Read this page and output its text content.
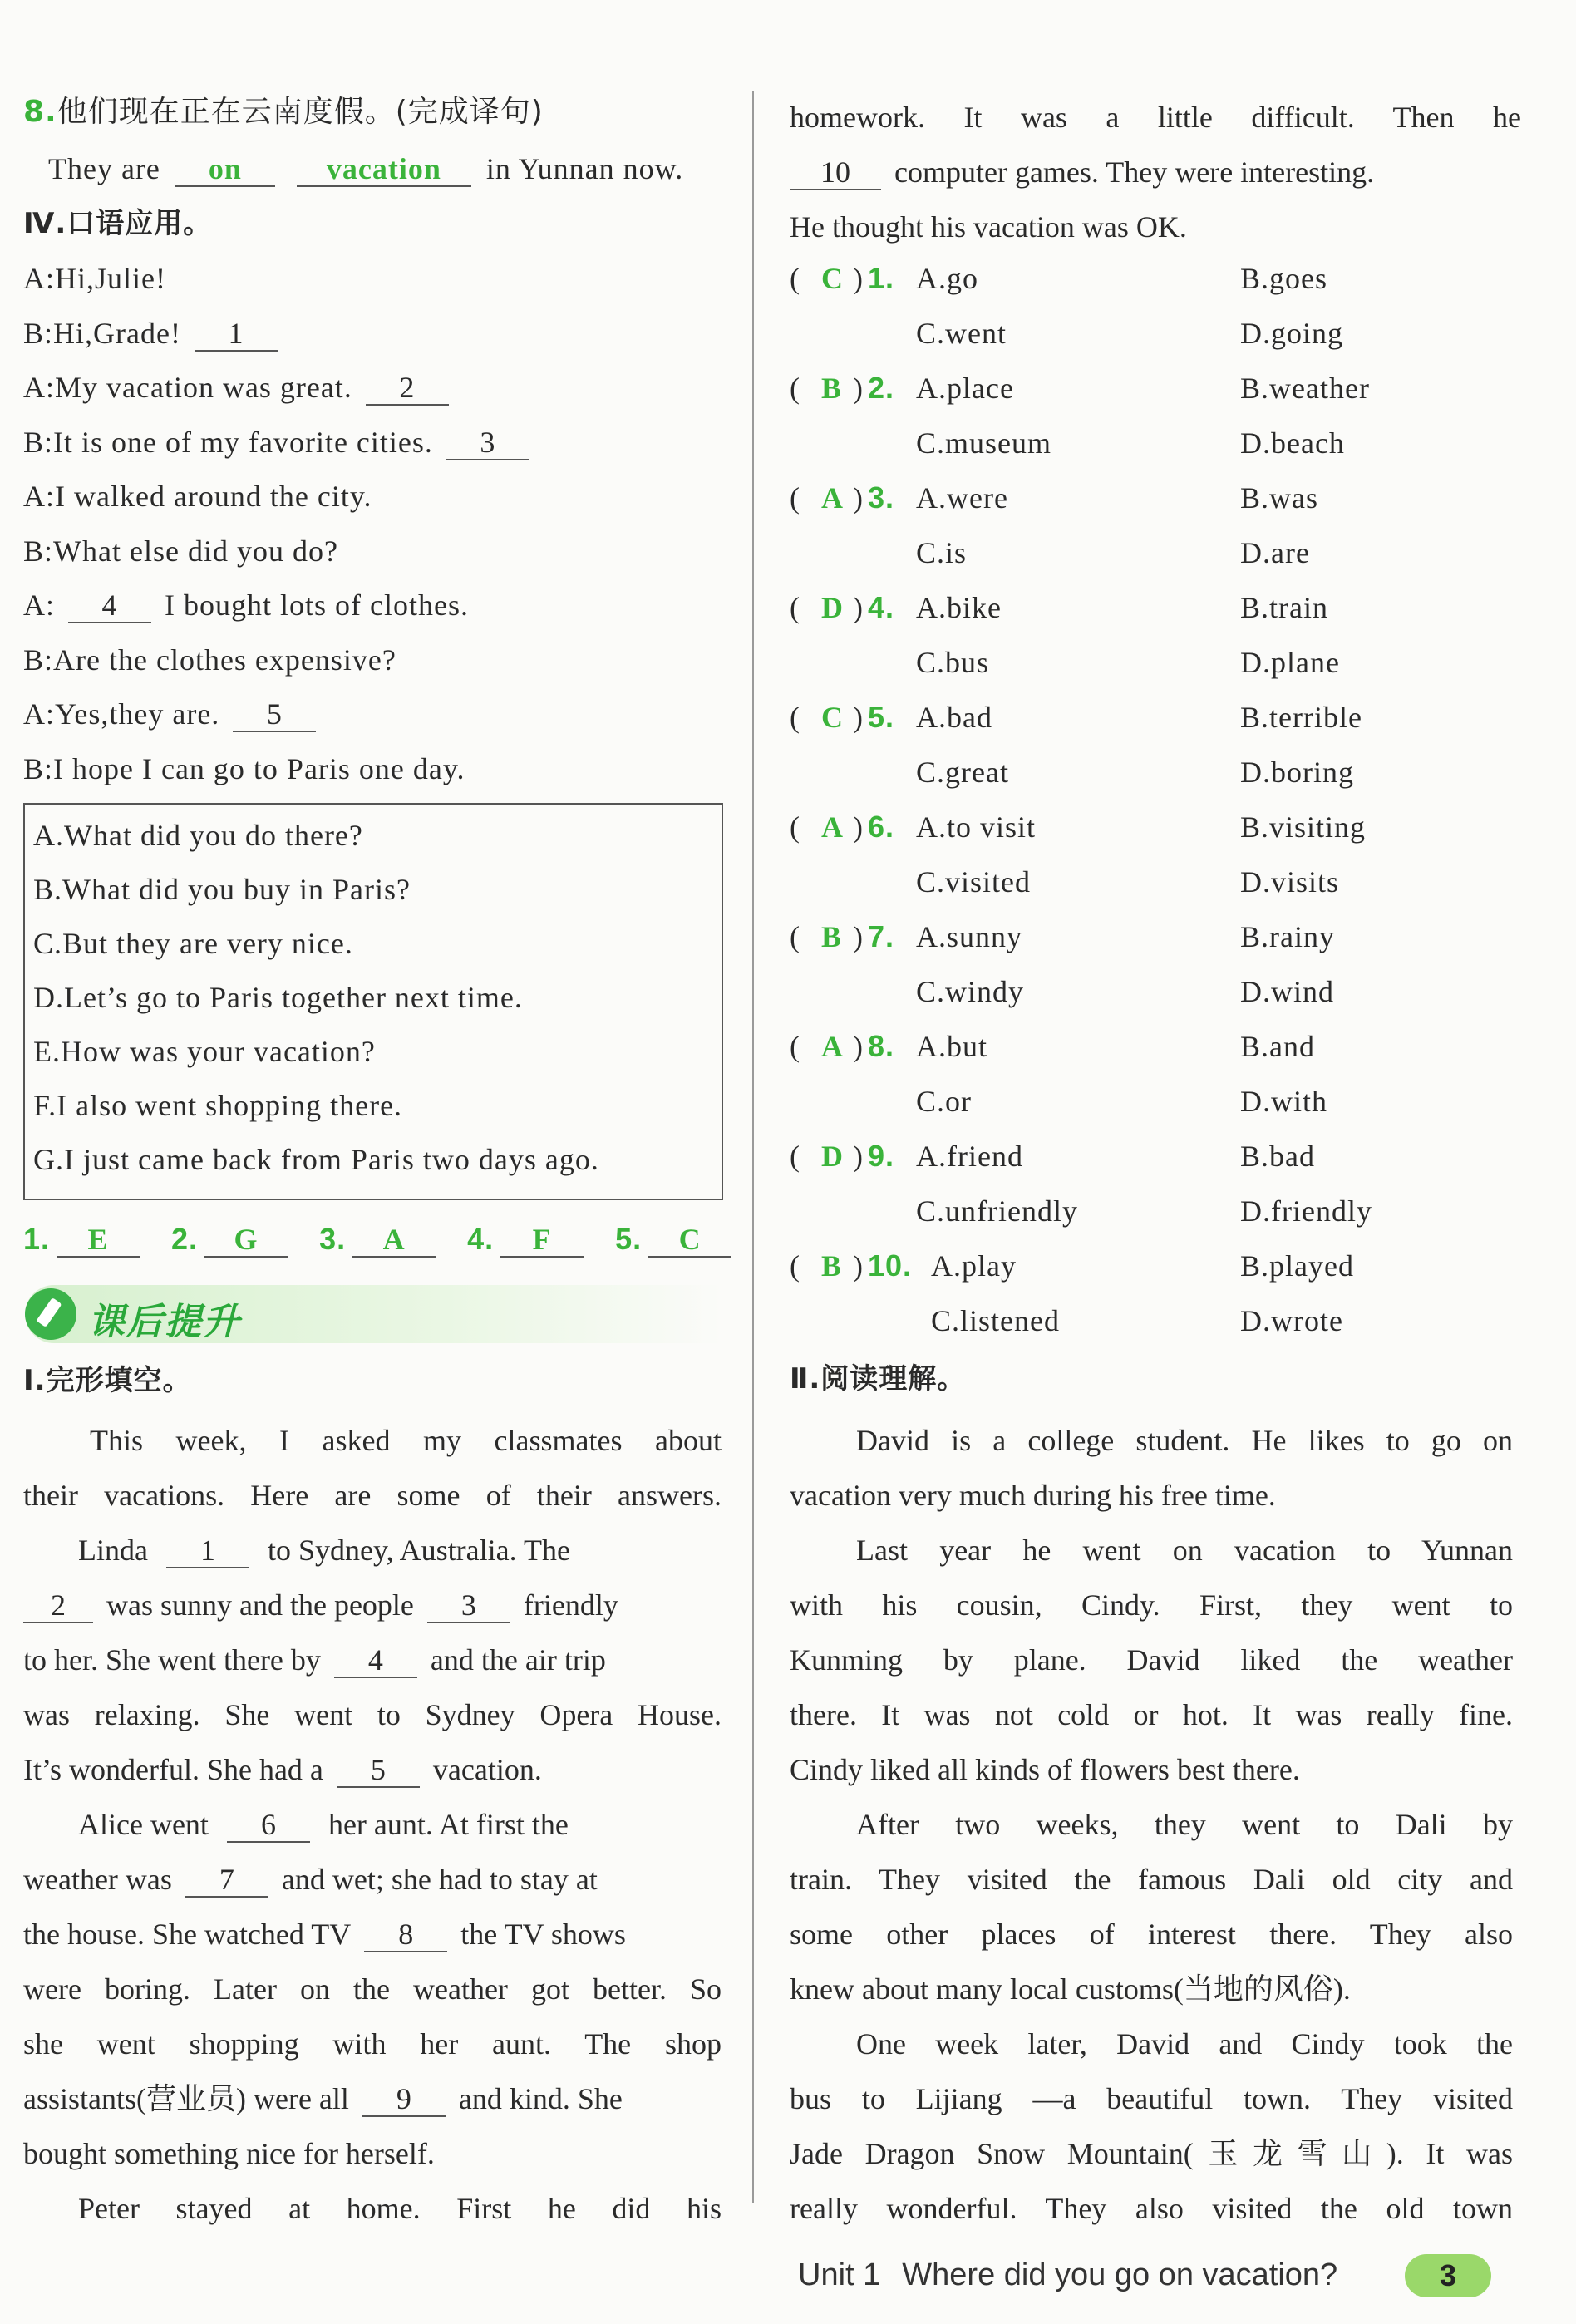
8.他们现在正在云南度假。(完成译句)
They are on	vacation in Yunnan now.
Ⅳ.口语应用。
A:Hi,Julie!
B:Hi,Grade! 1
A:My vacation was great. 2
B:It is one of my favorite cities. 3
A:I walked around the city.
B:What else did you do?
A: 4 I bought lots of clothes.
B:Are the clothes expensive?
A:Yes,they are. 5
B:I hope I can go to Paris one day.
A.What did you do there?
B.What did you buy in Paris?
C.But they are very nice.
D.Let’s go to Paris together next time.
E.How was your vacation?
F.I also went shopping there.
G.I just came back from Paris two days ago.
1. E 2. G 3. A 4. F 5. C
课后提升
Ⅰ.完形填空。
This week, I asked my classmates about
their vacations. Here are some of their answers.
Linda 1 to Sydney, Australia. The
2 was sunny and the people 3 friendly
to her. She went there by 4 and the air trip
was relaxing. She went to Sydney Opera House.
It’s wonderful. She had a 5 vacation.
Alice went 6 her aunt. At first the
weather was 7 and wet; she had to stay at
the house. She watched TV 8 the TV shows
were boring. Later on the weather got better. So
she went shopping with her aunt. The shop
assistants(营业员) were all 9 and kind. She
bought something nice for herself.
Peter stayed at home. First he did his
homework. It was a little difficult. Then he
10 computer games. They were interesting.
He thought his vacation was OK.
( C ) 1. A.go	B.goes
C.went	D.going
( B ) 2. A.place	B.weather
C.museum	D.beach
( A ) 3. A.were	B.was
C.is	D.are
( D ) 4. A.bike	B.train
C.bus	D.plane
( C ) 5. A.bad	B.terrible
C.great	D.boring
( A ) 6. A.to visit	B.visiting
C.visited	D.visits
( B ) 7. A.sunny	B.rainy
C.windy	D.wind
( A ) 8. A.but	B.and
C.or	D.with
( D ) 9. A.friend	B.bad
C.unfriendly	D.friendly
( B ) 10. A.play	B.played
C.listened	D.wrote
Ⅱ.阅读理解。
David is a college student. He likes to go on
vacation very much during his free time.
Last year he went on vacation to Yunnan
with his cousin, Cindy. First, they went to
Kunming by plane. David liked the weather
there. It was not cold or hot. It was really fine.
Cindy liked all kinds of flowers best there.
After two weeks, they went to Dali by
train. They visited the famous Dali old city and
some other places of interest there. They also
knew about many local customs(当地的风俗).
One week later, David and Cindy took the
bus to Lijiang —a beautiful town. They visited
Jade Dragon Snow Mountain(玉龙雪山). It was
really wonderful. They also visited the old town
Unit 1 Where did you go on vacation?	3
